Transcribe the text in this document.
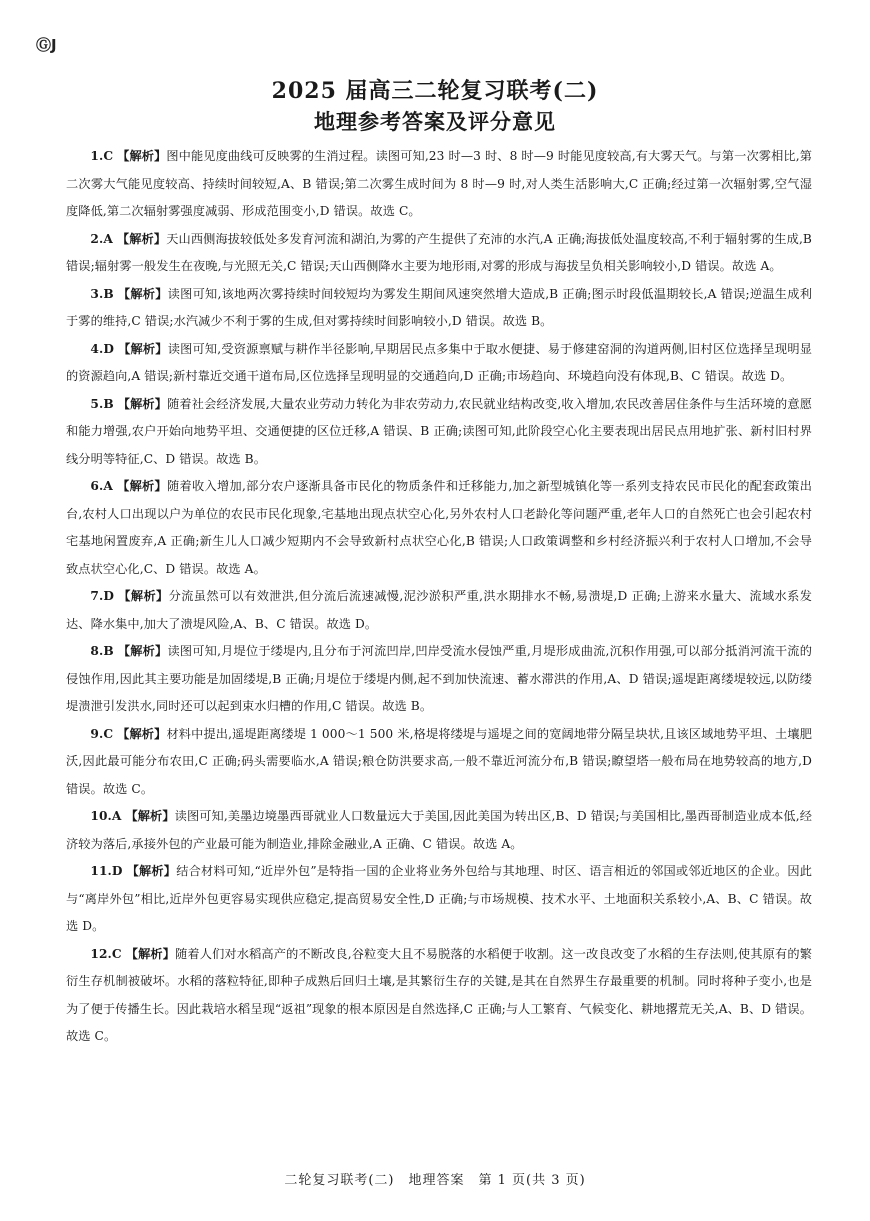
ⒼJ
2025 届高三二轮复习联考(二)
地理参考答案及评分意见

1.C 【解析】图中能见度曲线可反映雾的生消过程。读图可知,23 时—3 时、8 时—9 时能见度较高,有大雾天气。与第一次雾相比,第二次雾大气能见度较高、持续时间较短,A、B 错误;第二次雾生成时间为 8 时—9 时,对人类生活影响大,C 正确;经过第一次辐射雾,空气湿度降低,第二次辐射雾强度减弱、形成范围变小,D 错误。故选 C。

2.A 【解析】天山西侧海拔较低处多发育河流和湖泊,为雾的产生提供了充沛的水汽,A 正确;海拔低处温度较高,不利于辐射雾的生成,B 错误;辐射雾一般发生在夜晚,与光照无关,C 错误;天山西侧降水主要为地形雨,对雾的形成与海拔呈负相关影响较小,D 错误。故选 A。

3.B 【解析】读图可知,该地两次雾持续时间较短均为雾发生期间风速突然增大造成,B 正确;图示时段低温期较长,A 错误;逆温生成利于雾的维持,C 错误;水汽减少不利于雾的生成,但对雾持续时间影响较小,D 错误。故选 B。

4.D 【解析】读图可知,受资源禀赋与耕作半径影响,早期居民点多集中于取水便捷、易于修建窑洞的沟道两侧,旧村区位选择呈现明显的资源趋向,A 错误;新村靠近交通干道布局,区位选择呈现明显的交通趋向,D 正确;市场趋向、环境趋向没有体现,B、C 错误。故选 D。

5.B 【解析】随着社会经济发展,大量农业劳动力转化为非农劳动力,农民就业结构改变,收入增加,农民改善居住条件与生活环境的意愿和能力增强,农户开始向地势平坦、交通便捷的区位迁移,A 错误、B 正确;读图可知,此阶段空心化主要表现出居民点用地扩张、新村旧村界线分明等特征,C、D 错误。故选 B。

6.A 【解析】随着收入增加,部分农户逐渐具备市民化的物质条件和迁移能力,加之新型城镇化等一系列支持农民市民化的配套政策出台,农村人口出现以户为单位的农民市民化现象,宅基地出现点状空心化,另外农村人口老龄化等问题严重,老年人口的自然死亡也会引起农村宅基地闲置废弃,A 正确;新生儿人口减少短期内不会导致新村点状空心化,B 错误;人口政策调整和乡村经济振兴利于农村人口增加,不会导致点状空心化,C、D 错误。故选 A。

7.D 【解析】分流虽然可以有效泄洪,但分流后流速减慢,泥沙淤积严重,洪水期排水不畅,易溃堤,D 正确;上游来水量大、流域水系发达、降水集中,加大了溃堤风险,A、B、C 错误。故选 D。

8.B 【解析】读图可知,月堤位于缕堤内,且分布于河流凹岸,凹岸受流水侵蚀严重,月堤形成曲流,沉积作用强,可以部分抵消河流干流的侵蚀作用,因此其主要功能是加固缕堤,B 正确;月堤位于缕堤内侧,起不到加快流速、蓄水滞洪的作用,A、D 错误;遥堤距离缕堤较远,以防缕堤溃泄引发洪水,同时还可以起到束水归槽的作用,C 错误。故选 B。

9.C 【解析】材料中提出,遥堤距离缕堤 1 000～1 500 米,格堤将缕堤与遥堤之间的宽阔地带分隔呈块状,且该区域地势平坦、土壤肥沃,因此最可能分布农田,C 正确;码头需要临水,A 错误;粮仓防洪要求高,一般不靠近河流分布,B 错误;瞭望塔一般布局在地势较高的地方,D 错误。故选 C。

10.A 【解析】读图可知,美墨边境墨西哥就业人口数量远大于美国,因此美国为转出区,B、D 错误;与美国相比,墨西哥制造业成本低,经济较为落后,承接外包的产业最可能为制造业,排除金融业,A 正确、C 错误。故选 A。

11.D 【解析】结合材料可知,“近岸外包”是特指一国的企业将业务外包给与其地理、时区、语言相近的邻国或邻近地区的企业。因此与“离岸外包”相比,近岸外包更容易实现供应稳定,提高贸易安全性,D 正确;与市场规模、技术水平、土地面积关系较小,A、B、C 错误。故选 D。

12.C 【解析】随着人们对水稻高产的不断改良,谷粒变大且不易脱落的水稻便于收割。这一改良改变了水稻的生存法则,使其原有的繁衍生存机制被破坏。水稻的落粒特征,即种子成熟后回归土壤,是其繁衍生存的关键,是其在自然界生存最重要的机制。同时将种子变小,也是为了便于传播生长。因此栽培水稻呈现“返祖”现象的根本原因是自然选择,C 正确;与人工繁育、气候变化、耕地撂荒无关,A、B、D 错误。故选 C。

二轮复习联考(二)　地理答案　第 1 页(共 3 页)
